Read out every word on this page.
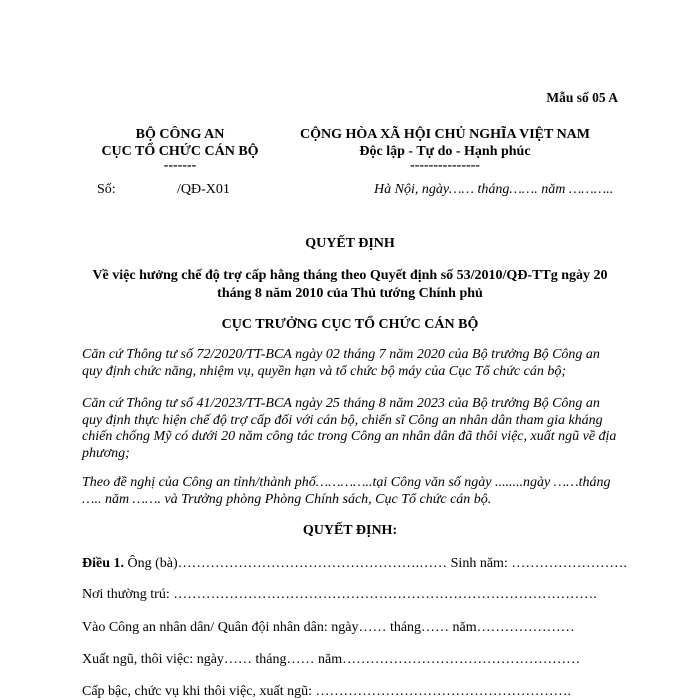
Mẫu số 05 A
BỘ CÔNG AN
CỤC TỔ CHỨC CÁN BỘ
-------
Số:	/QĐ-X01
CỘNG HÒA XÃ HỘI CHỦ NGHĨA VIỆT NAM
Độc lập - Tự do - Hạnh phúc
---------------
Hà Nội, ngày…… tháng……. năm ………..
QUYẾT ĐỊNH
Về việc hưởng chế độ trợ cấp hằng tháng theo Quyết định số 53/2010/QĐ-TTg ngày 20
tháng 8 năm 2010 của Thủ tướng Chính phủ
CỤC TRƯỞNG CỤC TỔ CHỨC CÁN BỘ
Căn cứ Thông tư số 72/2020/TT-BCA ngày 02 tháng 7 năm 2020 của Bộ trưởng Bộ Công an quy định chức năng, nhiệm vụ, quyền hạn và tổ chức bộ máy của Cục Tổ chức cán bộ;
Căn cứ Thông tư số 41/2023/TT-BCA ngày 25 tháng 8 năm 2023 của Bộ trưởng Bộ Công an quy định thực hiện chế độ trợ cấp đối với cán bộ, chiến sĩ Công an nhân dân tham gia kháng chiến chống Mỹ có dưới 20 năm công tác trong Công an nhân dân đã thôi việc, xuất ngũ về địa phương;
Theo đề nghị của Công an tỉnh/thành phố…………..tại Công văn số ngày ........ngày ……tháng ….. năm ……. và Trưởng phòng Phòng Chính sách, Cục Tổ chức cán bộ.
QUYẾT ĐỊNH:
Điều 1. Ông (bà)…………………………………………….…… Sinh năm: …………………….
Nơi thường trú: ……………………………………………………………………………….
Vào Công an nhân dân/ Quân đội nhân dân: ngày…… tháng…… năm…………………
Xuất ngũ, thôi việc: ngày…… tháng…… năm……………………………………………
Cấp bậc, chức vụ khi thôi việc, xuất ngũ: ……………………………………………….
